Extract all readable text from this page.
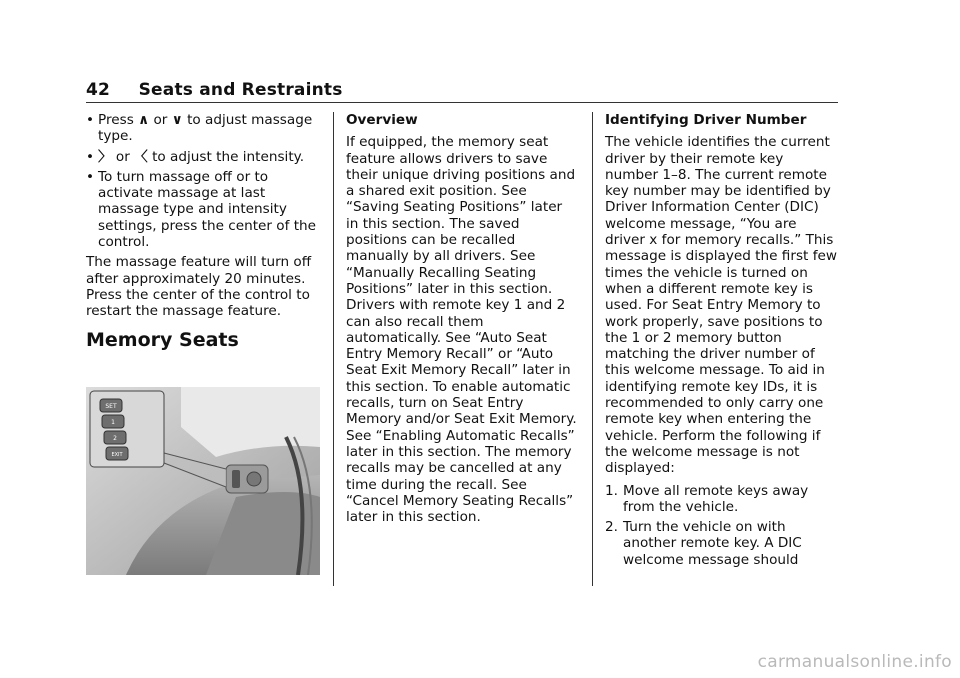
42 Seats and Restraints
• Press ∧ or ∨ to adjust massage type.
• 〉 or 〈 to adjust the intensity.
• To turn massage off or to activate massage at last massage type and intensity settings, press the center of the control.

The massage feature will turn off after approximately 20 minutes. Press the center of the control to restart the massage feature.

Memory Seats
SET
1
2
EXIT
Overview

If equipped, the memory seat feature allows drivers to save their unique driving positions and a shared exit position. See “Saving Seating Positions” later in this section. The saved positions can be recalled manually by all drivers. See “Manually Recalling Seating Positions” later in this section. Drivers with remote key 1 and 2 can also recall them automatically. See “Auto Seat Entry Memory Recall” or “Auto Seat Exit Memory Recall” later in this section. To enable automatic recalls, turn on Seat Entry Memory and/or Seat Exit Memory. See “Enabling Automatic Recalls” later in this section. The memory recalls may be cancelled at any time during the recall. See “Cancel Memory Seating Recalls” later in this section.

Identifying Driver Number

The vehicle identifies the current driver by their remote key number 1–8. The current remote key number may be identified by Driver Information Center (DIC) welcome message, “You are driver x for memory recalls.” This message is displayed the first few times the vehicle is turned on when a different remote key is used. For Seat Entry Memory to work properly, save positions to the 1 or 2 memory button matching the driver number of this welcome message. To aid in identifying remote key IDs, it is recommended to only carry one remote key when entering the vehicle. Perform the following if the welcome message is not displayed:

1. Move all remote keys away from the vehicle.
2. Turn the vehicle on with another remote key. A DIC welcome message should
carmanualsonline.info
